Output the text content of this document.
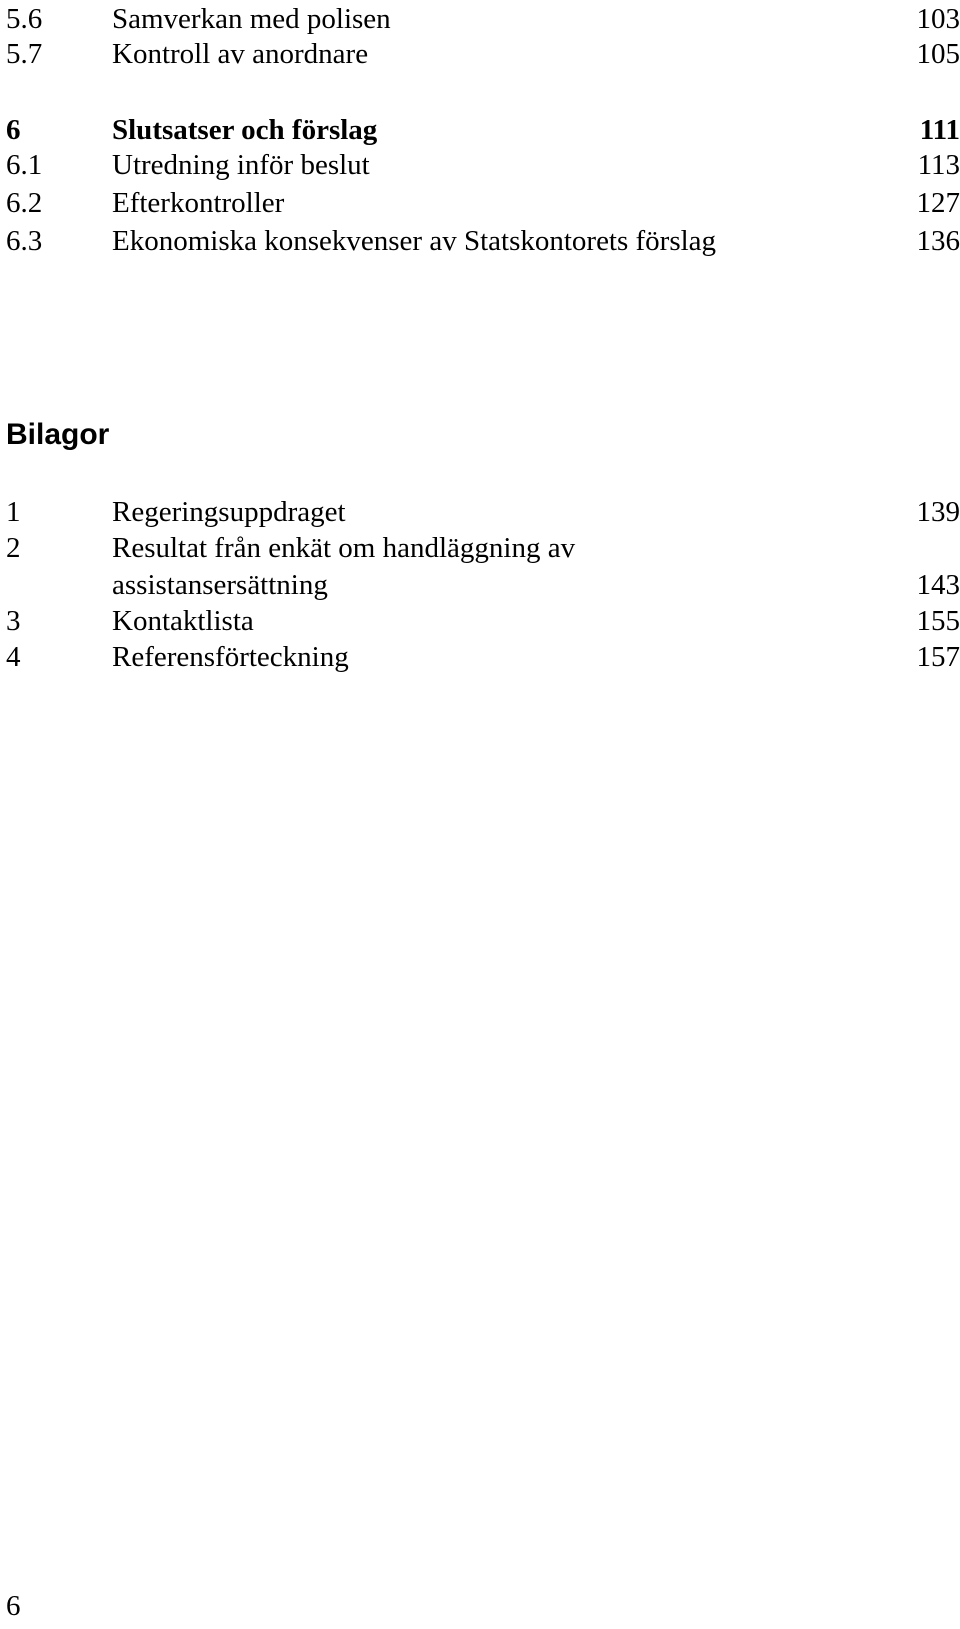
5.6 Samverkan med polisen	103
5.7 Kontroll av anordnare	105
6	Slutsatser och förslag	111
6.1 Utredning inför beslut	113
6.2 Efterkontroller	127
6.3 Ekonomiska konsekvenser av Statskontorets förslag	136
Bilagor
1	Regeringsuppdraget	139
2	Resultat från enkät om handläggning av
assistansersättning	143
3	Kontaktlista	155
4	Referensförteckning	157
6
